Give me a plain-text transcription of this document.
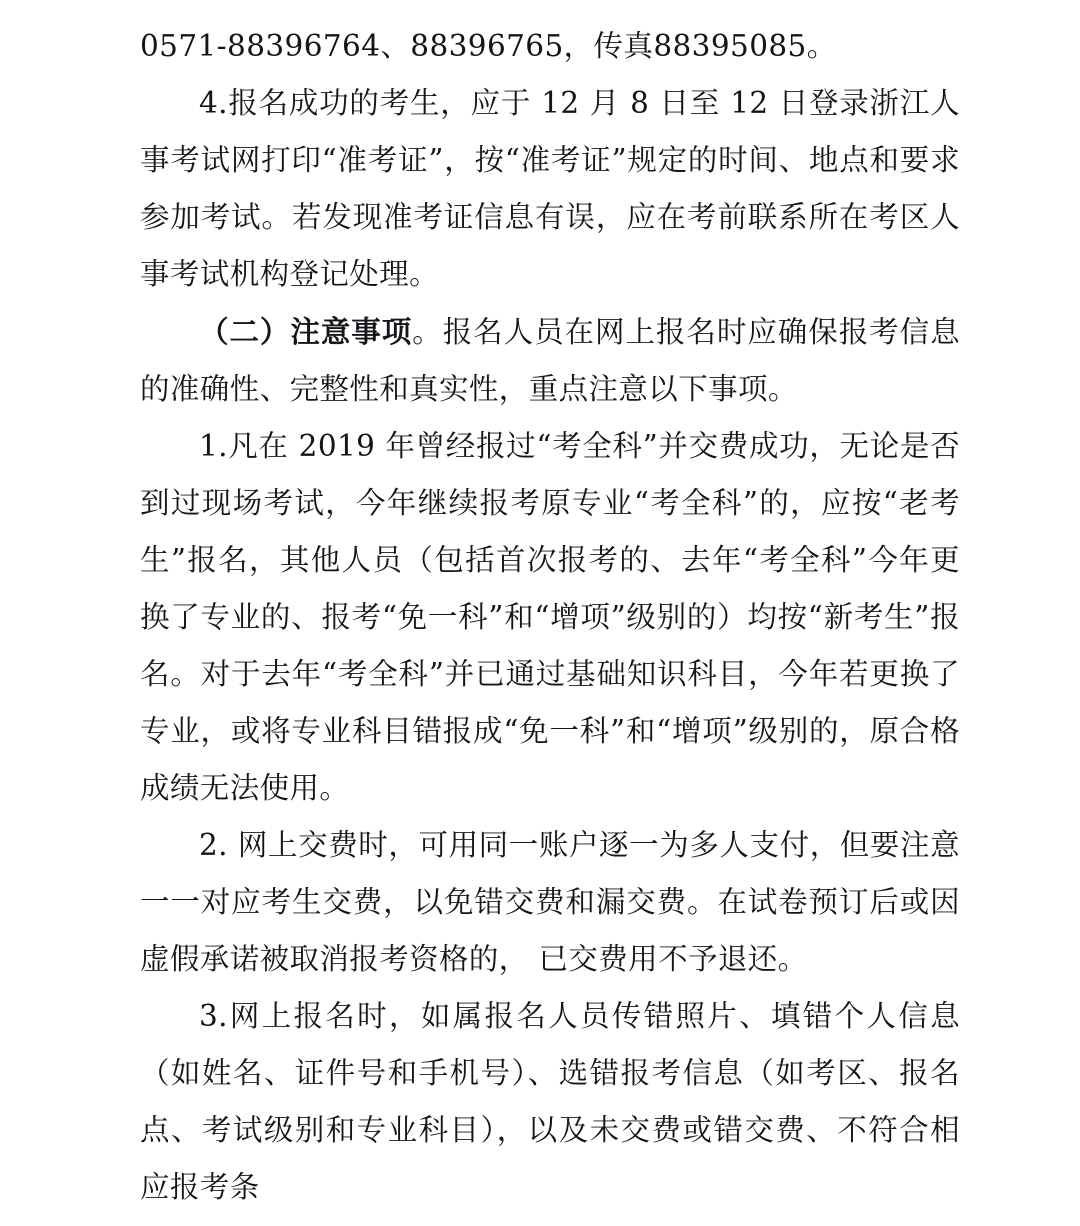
0571-88396764、88396765，传真88395085。

4.报名成功的考生，应于 12 月 8 日至 12 日登录浙江人事考试网打印“准考证”，按“准考证”规定的时间、地点和要求参加考试。若发现准考证信息有误，应在考前联系所在考区人事考试机构登记处理。

（二）注意事项。报名人员在网上报名时应确保报考信息的准确性、完整性和真实性，重点注意以下事项。

1.凡在 2019 年曾经报过“考全科”并交费成功，无论是否到过现场考试，今年继续报考原专业“考全科”的，应按“老考生”报名，其他人员（包括首次报考的、去年“考全科”今年更换了专业的、报考“免一科”和“增项”级别的）均按“新考生”报名。对于去年“考全科”并已通过基础知识科目，今年若更换了专业，或将专业科目错报成“免一科”和“增项”级别的，原合格成绩无法使用。

2. 网上交费时，可用同一账户逐一为多人支付，但要注意一一对应考生交费，以免错交费和漏交费。在试卷预订后或因虚假承诺被取消报考资格的， 已交费用不予退还。

3.网上报名时，如属报名人员传错照片、填错个人信息（如姓名、证件号和手机号）、选错报考信息（如考区、报名点、考试级别和专业科目），以及未交费或错交费、不符合相应报考条
